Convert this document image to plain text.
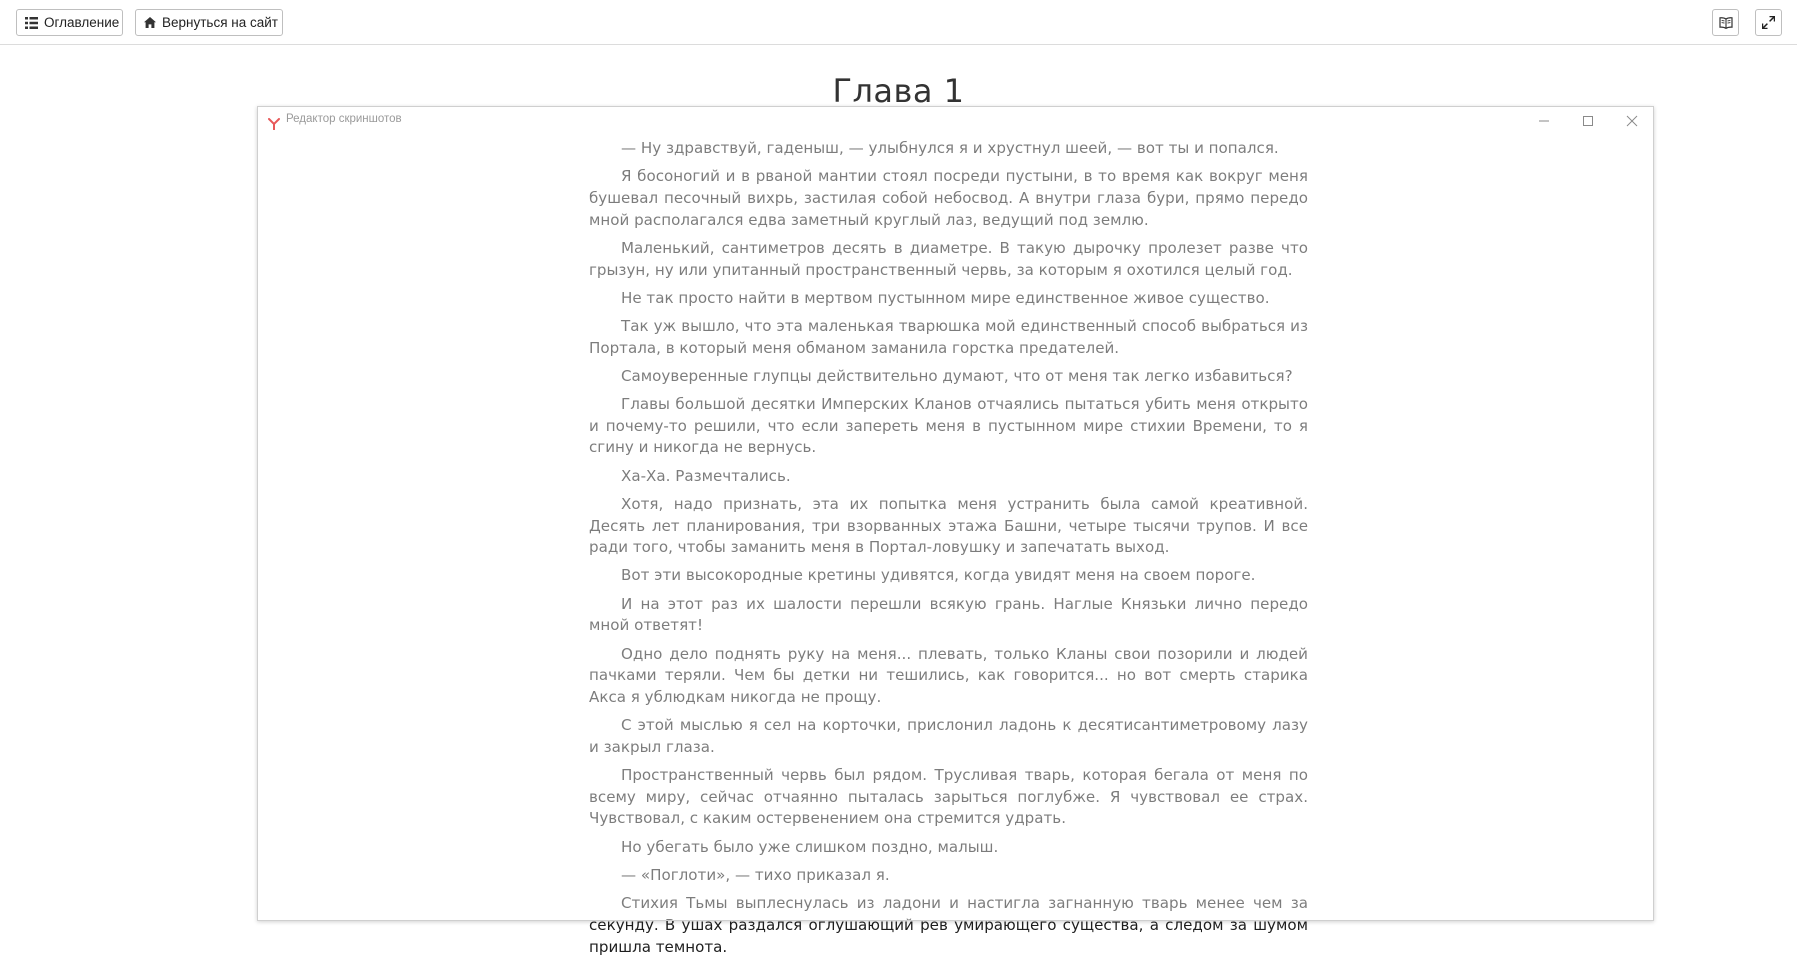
Оглавление	Вернуться на сайт
Глава 1

— Ну здравствуй, гаденыш, — улыбнулся я и хрустнул шеей, — вот ты и попался.

Я босоногий и в рваной мантии стоял посреди пустыни, в то время как вокруг меня бушевал песочный вихрь, застилая собой небосвод. А внутри глаза бури, прямо передо мной располагался едва заметный круглый лаз, ведущий под землю.

Маленький, сантиметров десять в диаметре. В такую дырочку пролезет разве что грызун, ну или упитанный пространственный червь, за которым я охотился целый год.

Не так просто найти в мертвом пустынном мире единственное живое существо.

Так уж вышло, что эта маленькая тварюшка мой единственный способ выбраться из Портала, в который меня обманом заманила горстка предателей.

Самоуверенные глупцы действительно думают, что от меня так легко избавиться?

Главы большой десятки Имперских Кланов отчаялись пытаться убить меня открыто и почему-то решили, что если запереть меня в пустынном мире стихии Времени, то я сгину и никогда не вернусь.

Ха-Ха. Размечтались.

Хотя, надо признать, эта их попытка меня устранить была самой креативной. Десять лет планирования, три взорванных этажа Башни, четыре тысячи трупов. И все ради того, чтобы заманить меня в Портал-ловушку и запечатать выход.

Вот эти высокородные кретины удивятся, когда увидят меня на своем пороге.

И на этот раз их шалости перешли всякую грань. Наглые Князьки лично передо мной ответят!

Одно дело поднять руку на меня... плевать, только Кланы свои позорили и людей пачками теряли. Чем бы детки ни тешились, как говорится... но вот смерть старика Акса я ублюдкам никогда не прощу.

С этой мыслью я сел на корточки, прислонил ладонь к десятисантиметровому лазу и закрыл глаза.

Пространственный червь был рядом. Трусливая тварь, которая бегала от меня по всему миру, сейчас отчаянно пыталась зарыться поглубже. Я чувствовал ее страх. Чувствовал, с каким остервенением она стремится удрать.

Но убегать было уже слишком поздно, малыш.

— «Поглоти», — тихо приказал я.

Стихия Тьмы выплеснулась из ладони и настигла загнанную тварь менее чем за секунду. В ушах раздался оглушающий рев умирающего существа, а следом за шумом пришла темнота.

Редактор скриншотов
